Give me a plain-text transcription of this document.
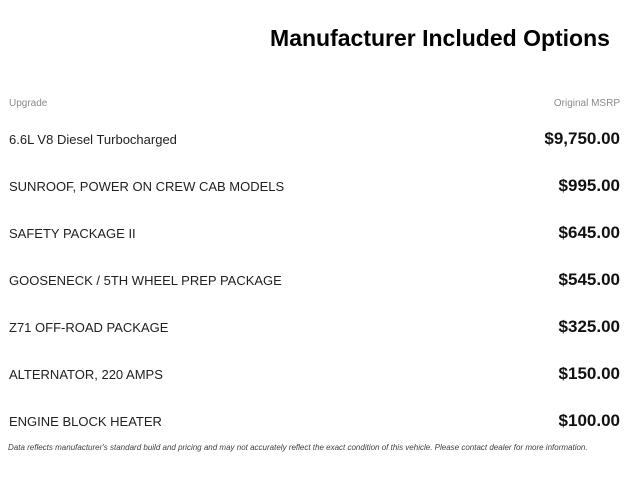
Manufacturer Included Options
Upgrade	Original MSRP
6.6L V8 Diesel Turbocharged	$9,750.00
SUNROOF, POWER ON CREW CAB MODELS	$995.00
SAFETY PACKAGE II	$645.00
GOOSENECK / 5TH WHEEL PREP PACKAGE	$545.00
Z71 OFF-ROAD PACKAGE	$325.00
ALTERNATOR, 220 AMPS	$150.00
ENGINE BLOCK HEATER	$100.00
Data reflects manufacturer's standard build and pricing and may not accurately reflect the exact condition of this vehicle. Please contact dealer for more information.
